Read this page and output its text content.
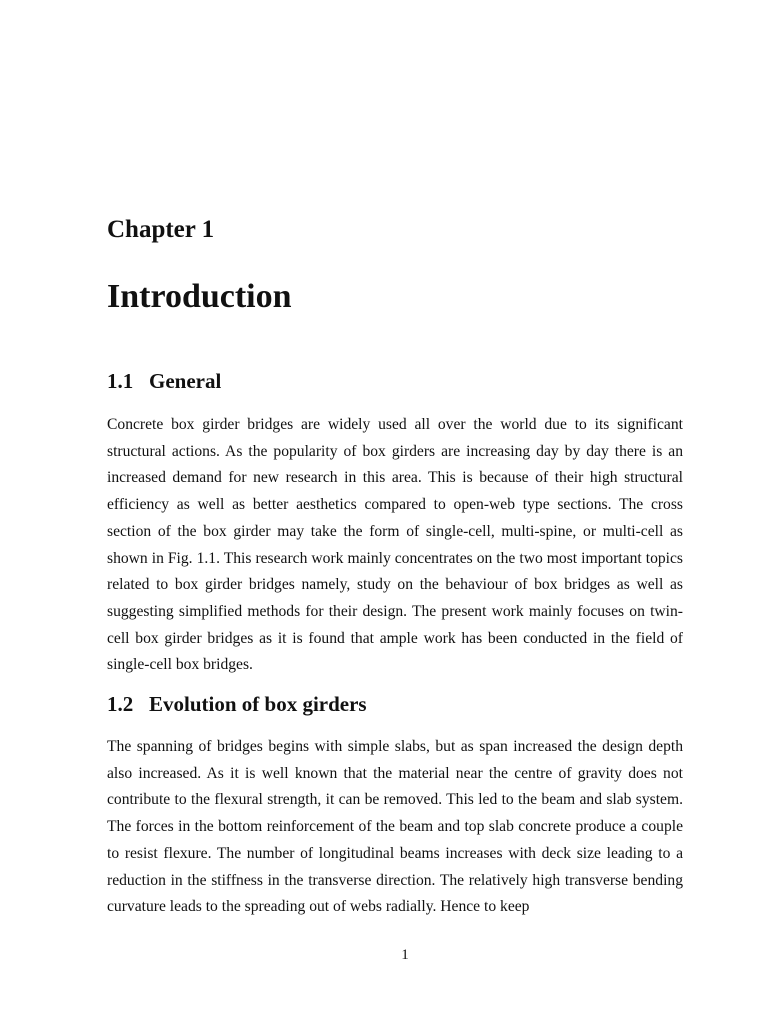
Chapter 1
Introduction
1.1 General

Concrete box girder bridges are widely used all over the world due to its significant structural actions. As the popularity of box girders are increasing day by day there is an increased demand for new research in this area. This is because of their high structural efficiency as well as better aesthetics compared to open-web type sections. The cross section of the box girder may take the form of single-cell, multi-spine, or multi-cell as shown in Fig. 1.1. This research work mainly concentrates on the two most important topics related to box girder bridges namely, study on the behaviour of box bridges as well as suggesting simplified methods for their design. The present work mainly focuses on twin- cell box girder bridges as it is found that ample work has been conducted in the field of single-cell box bridges.

1.2 Evolution of box girders

The spanning of bridges begins with simple slabs, but as span increased the design depth also increased. As it is well known that the material near the centre of gravity does not contribute to the flexural strength, it can be removed. This led to the beam and slab system. The forces in the bottom reinforcement of the beam and top slab concrete produce a couple to resist flexure. The number of longitudinal beams increases with deck size leading to a reduction in the stiffness in the transverse direction. The relatively high transverse bending curvature leads to the spreading out of webs radially. Hence to keep

1
